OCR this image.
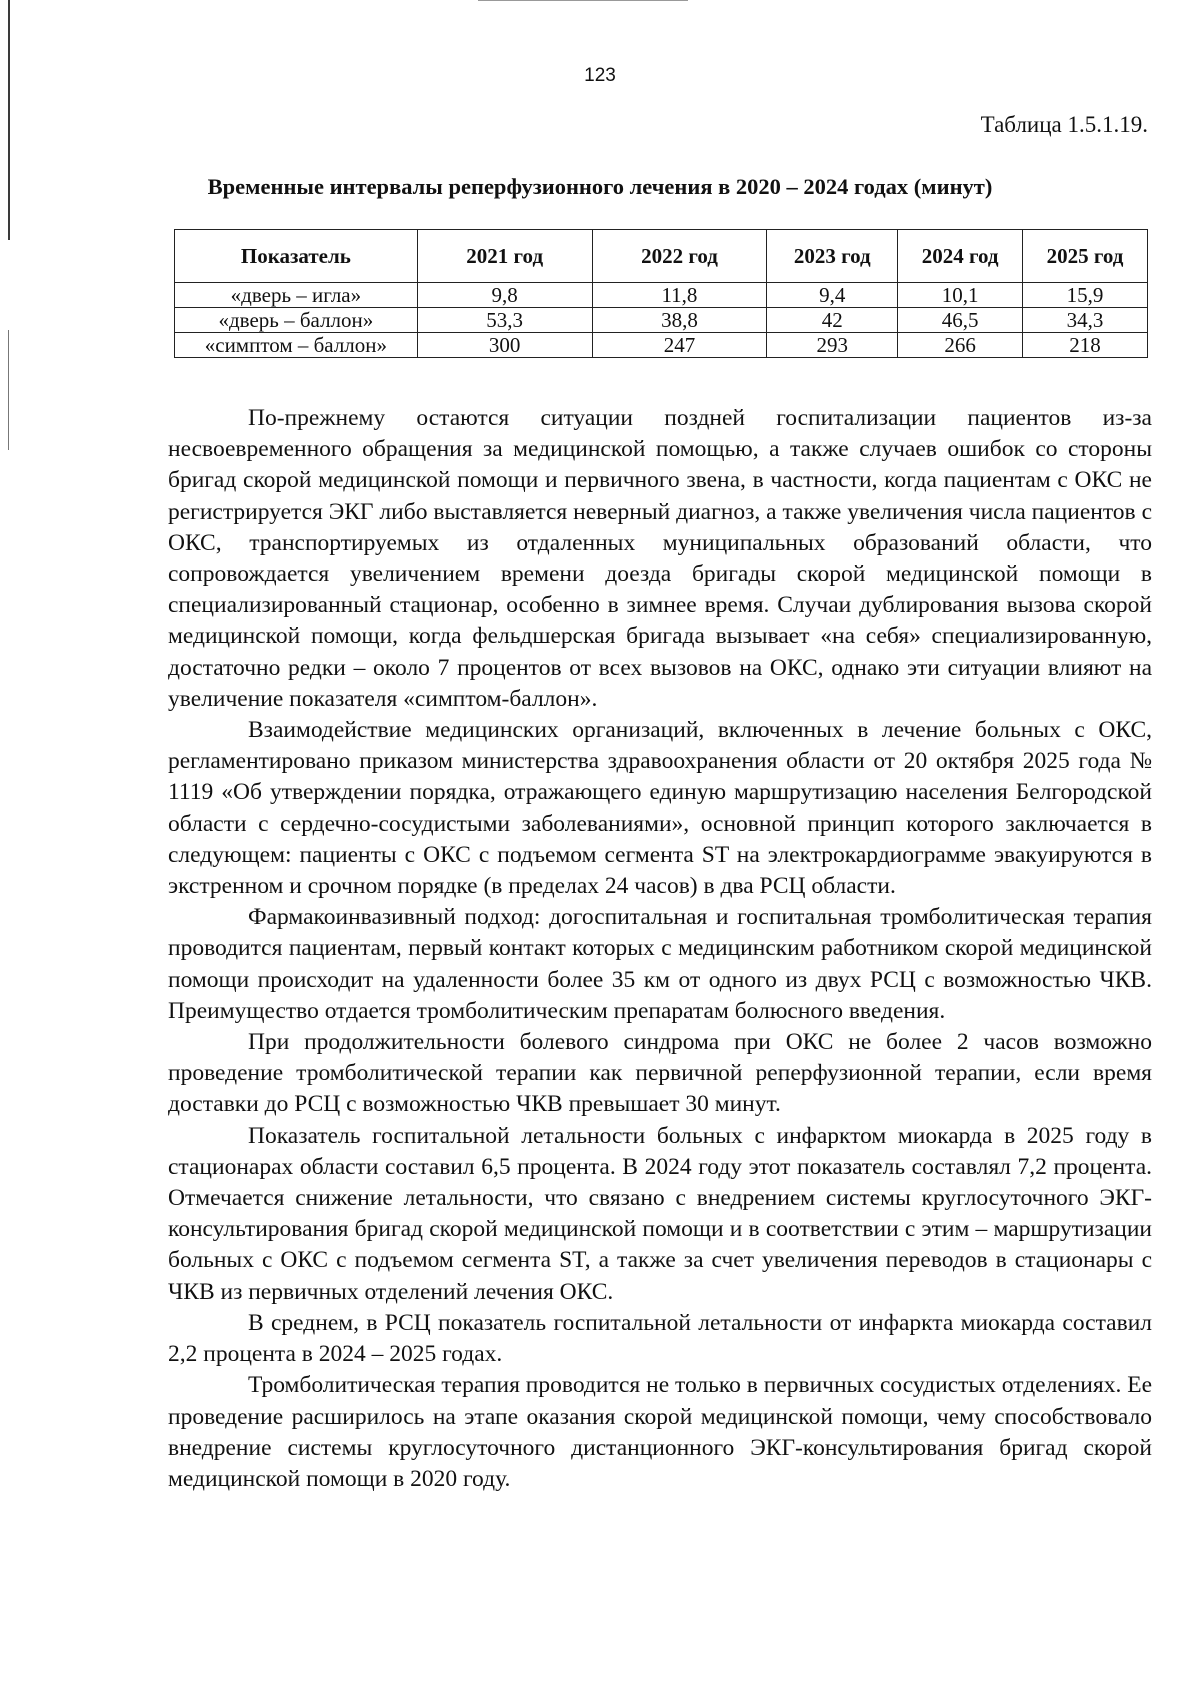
123
Таблица 1.5.1.19.
Временные интервалы реперфузионного лечения в 2020 – 2024 годах (минут)
Показатель	2021 год	2022 год	2023 год	2024 год	2025 год
«дверь – игла»	9,8	11,8	9,4	10,1	15,9
«дверь – баллон»	53,3	38,8	42	46,5	34,3
«симптом – баллон»	300	247	293	266	218

По-прежнему остаются ситуации поздней госпитализации пациентов из-за несвоевременного обращения за медицинской помощью, а также случаев ошибок со стороны бригад скорой медицинской помощи и первичного звена, в частности, когда пациентам с ОКС не регистрируется ЭКГ либо выставляется неверный диагноз, а также увеличения числа пациентов с ОКС, транспортируемых из отдаленных муниципальных образований области, что сопровождается увеличением времени доезда бригады скорой медицинской помощи в специализированный стационар, особенно в зимнее время. Случаи дублирования вызова скорой медицинской помощи, когда фельдшерская бригада вызывает «на себя» специализированную, достаточно редки – около 7 процентов от всех вызовов на ОКС, однако эти ситуации влияют на увеличение показателя «симптом-баллон».

Взаимодействие медицинских организаций, включенных в лечение больных с ОКС, регламентировано приказом министерства здравоохранения области от 20 октября 2025 года № 1119 «Об утверждении порядка, отражающего единую маршрутизацию населения Белгородской области с сердечно-сосудистыми заболеваниями», основной принцип которого заключается в следующем: пациенты с ОКС с подъемом сегмента ST на электрокардиограмме эвакуируются в экстренном и срочном порядке (в пределах 24 часов) в два РСЦ области.

Фармакоинвазивный подход: догоспитальная и госпитальная тромболитическая терапия проводится пациентам, первый контакт которых с медицинским работником скорой медицинской помощи происходит на удаленности более 35 км от одного из двух РСЦ с возможностью ЧКВ. Преимущество отдается тромболитическим препаратам болюсного введения.

При продолжительности болевого синдрома при ОКС не более 2 часов возможно проведение тромболитической терапии как первичной реперфузионной терапии, если время доставки до РСЦ с возможностью ЧКВ превышает 30 минут.

Показатель госпитальной летальности больных с инфарктом миокарда в 2025 году в стационарах области составил 6,5 процента. В 2024 году этот показатель составлял 7,2 процента. Отмечается снижение летальности, что связано с внедрением системы круглосуточного ЭКГ-консультирования бригад скорой медицинской помощи и в соответствии с этим – маршрутизации больных с ОКС с подъемом сегмента ST, а также за счет увеличения переводов в стационары с ЧКВ из первичных отделений лечения ОКС.

В среднем, в РСЦ показатель госпитальной летальности от инфаркта миокарда составил 2,2 процента в 2024 – 2025 годах.

Тромболитическая терапия проводится не только в первичных сосудистых отделениях. Ее проведение расширилось на этапе оказания скорой медицинской помощи, чему способствовало внедрение системы круглосуточного дистанционного ЭКГ-консультирования бригад скорой медицинской помощи в 2020 году.
